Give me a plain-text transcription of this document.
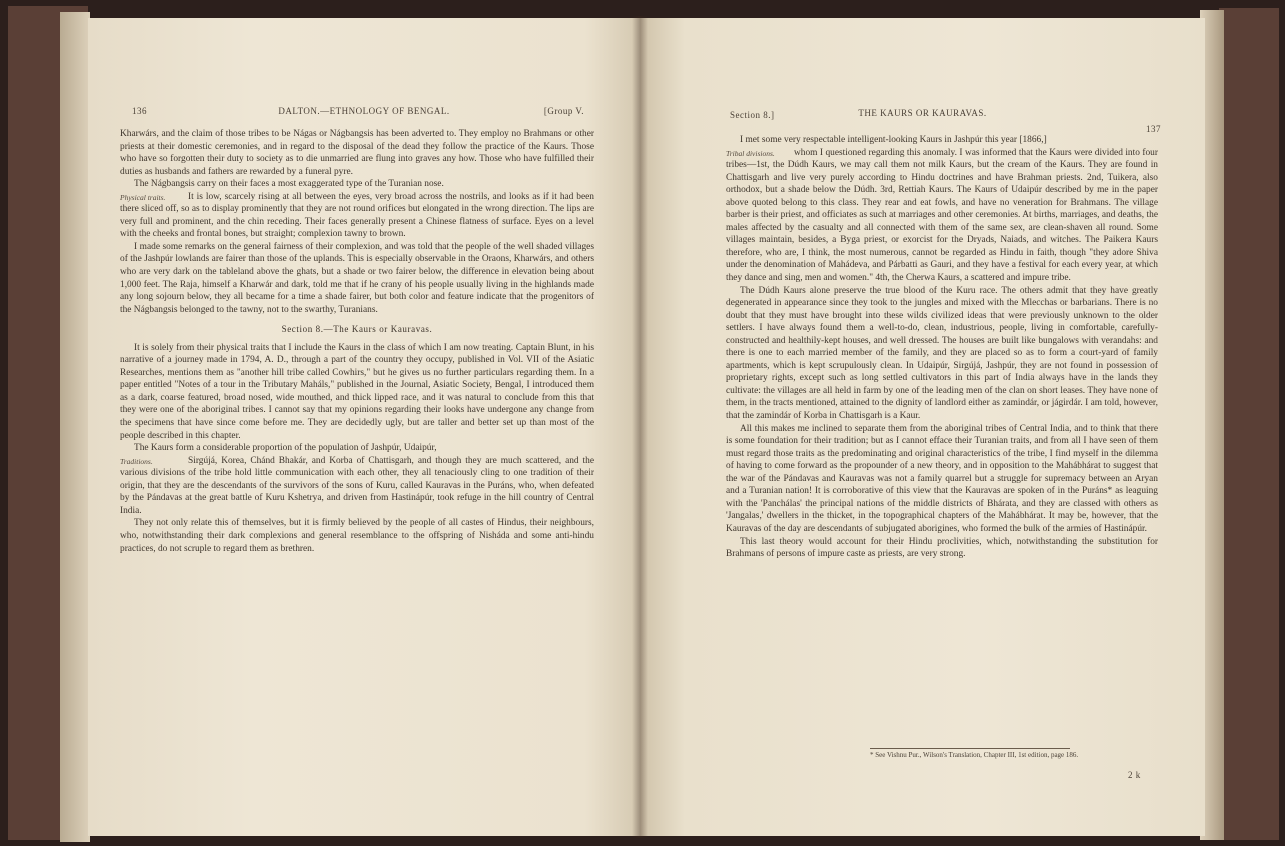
136	DALTON.—ETHNOLOGY OF BENGAL.	[Group V.

Kharwárs, and the claim of those tribes to be Nágas or Nágbangsis has been adverted to. They employ no Brahmans or other priests at their domestic ceremonies, and in regard to the disposal of the dead they follow the practice of the Kaurs. Those who have so forgotten their duty to society as to die unmarried are flung into graves any how. Those who have fulfilled their duties as husbands and fathers are rewarded by a funeral pyre.

The Nágbangsis carry on their faces a most exaggerated type of the Turanian nose.

Physical traits.	It is low, scarcely rising at all between the eyes, very broad across the nostrils, and looks as if it had been there sliced off, so as to display prominently that they are not round orifices but elongated in the wrong direction. The lips are very full and prominent, and the chin receding. Their faces generally present a Chinese flatness of surface. Eyes on a level with the cheeks and frontal bones, but straight; complexion tawny to brown.

I made some remarks on the general fairness of their complexion, and was told that the people of the well shaded villages of the Jashpúr lowlands are fairer than those of the uplands. This is especially observable in the Oraons, Kharwárs, and others who are very dark on the tableland above the ghats, but a shade or two fairer below, the difference in elevation being about 1,000 feet. The Raja, himself a Kharwár and dark, told me that if he crany of his people usually living in the highlands made any long sojourn below, they all became for a time a shade fairer, but both color and feature indicate that the progenitors of the Nágbangsis belonged to the tawny, not to the swarthy, Turanians.

Section 8.—The Kaurs or Kauravas.

It is solely from their physical traits that I include the Kaurs in the class of which I am now treating. Captain Blunt, in his narrative of a journey made in 1794, A. D., through a part of the country they occupy, published in Vol. VII of the Asiatic Researches, mentions them as "another hill tribe called Cowhirs," but he gives us no further particulars regarding them. In a paper entitled "Notes of a tour in the Tributary Maháls," published in the Journal, Asiatic Society, Bengal, I introduced them as a dark, coarse featured, broad nosed, wide mouthed, and thick lipped race, and it was natural to conclude from this that they were one of the aboriginal tribes. I cannot say that my opinions regarding their looks have undergone any change from the specimens that have since come before me. They are decidedly ugly, but are taller and better set up than most of the people described in this chapter.

The Kaurs form a considerable proportion of the population of Jashpúr, Udaipúr,

Traditions.	Sirgújá, Korea, Chánd Bhakár, and Korba of Chattisgarh, and though they are much scattered, and the various divisions of the tribe hold little communication with each other, they all tenaciously cling to one tradition of their origin, that they are the descendants of the survivors of the sons of Kuru, called Kauravas in the Puráns, who, when defeated by the Pándavas at the great battle of Kuru Kshetrya, and driven from Hastinápúr, took refuge in the hill country of Central India.

They not only relate this of themselves, but it is firmly believed by the people of all castes of Hindus, their neighbours, who, notwithstanding their dark complexions and general resemblance to the offspring of Nisháda and some anti-hindu practices, do not scruple to regard them as brethren.

Section 8.]	THE KAURS OR KAURAVAS.
137

I met some very respectable intelligent-looking Kaurs in Jashpúr this year [1866,]

Tribal divisions.	whom I questioned regarding this anomaly. I was informed that the Kaurs were divided into four tribes—1st, the Dúdh Kaurs, we may call them not milk Kaurs, but the cream of the Kaurs. They are found in Chattisgarh and live very purely according to Hindu doctrines and have Brahman priests. 2nd, Tuikera, also orthodox, but a shade below the Dúdh. 3rd, Rettiah Kaurs. The Kaurs of Udaipúr described by me in the paper above quoted belong to this class. They rear and eat fowls, and have no veneration for Brahmans. The village barber is their priest, and officiates as such at marriages and other ceremonies. At births, marriages, and deaths, the males affected by the casualty and all connected with them of the same sex, are clean-shaven all round. Some villages maintain, besides, a Byga priest, or exorcist for the Dryads, Naiads, and witches. The Paikera Kaurs therefore, who are, I think, the most numerous, cannot be regarded as Hindu in faith, though "they adore Shiva under the denomination of Mahádeva, and Párbatti as Gauri, and they have a festival for each every year, at which they dance and sing, men and women." 4th, the Cherwa Kaurs, a scattered and impure tribe.

The Dúdh Kaurs alone preserve the true blood of the Kuru race. The others admit that they have greatly degenerated in appearance since they took to the jungles and mixed with the Mlecchas or barbarians. There is no doubt that they must have brought into these wilds civilized ideas that were previously unknown to the older settlers. I have always found them a well-to-do, clean, industrious, people, living in comfortable, carefully-constructed and healthily-kept houses, and well dressed. The houses are built like bungalows with verandahs: and there is one to each married member of the family, and they are placed so as to form a court-yard of family apartments, which is kept scrupulously clean. In Udaipúr, Sirgújá, Jashpúr, they are not found in possession of proprietary rights, except such as long settled cultivators in this part of India always have in the lands they cultivate: the villages are all held in farm by one of the leading men of the clan on short leases. They have none of them, in the tracts mentioned, attained to the dignity of landlord either as zamindár, or jágirdár. I am told, however, that the zamindár of Korba in Chattisgarh is a Kaur.

All this makes me inclined to separate them from the aboriginal tribes of Central India, and to think that there is some foundation for their tradition; but as I cannot efface their Turanian traits, and from all I have seen of them must regard those traits as the predominating and original characteristics of the tribe, I find myself in the dilemma of having to come forward as the propounder of a new theory, and in opposition to the Mahábhárat to suggest that the war of the Pándavas and Kauravas was not a family quarrel but a struggle for supremacy between an Aryan and a Turanian nation! It is corroborative of this view that the Kauravas are spoken of in the Puráns* as leaguing with the 'Panchálas' the principal nations of the middle districts of Bhárata, and they are classed with others as 'Jangalas,' dwellers in the thicket, in the topographical chapters of the Mahábhárat. It may be, however, that the Kauravas of the day are descendants of subjugated aborigines, who formed the bulk of the armies of Hastinápúr.

This last theory would account for their Hindu proclivities, which, notwithstanding the substitution for Brahmans of persons of impure caste as priests, are very strong.

* See Vishnu Pur., Wilson's Translation, Chapter III, 1st edition, page 186.
2 k
